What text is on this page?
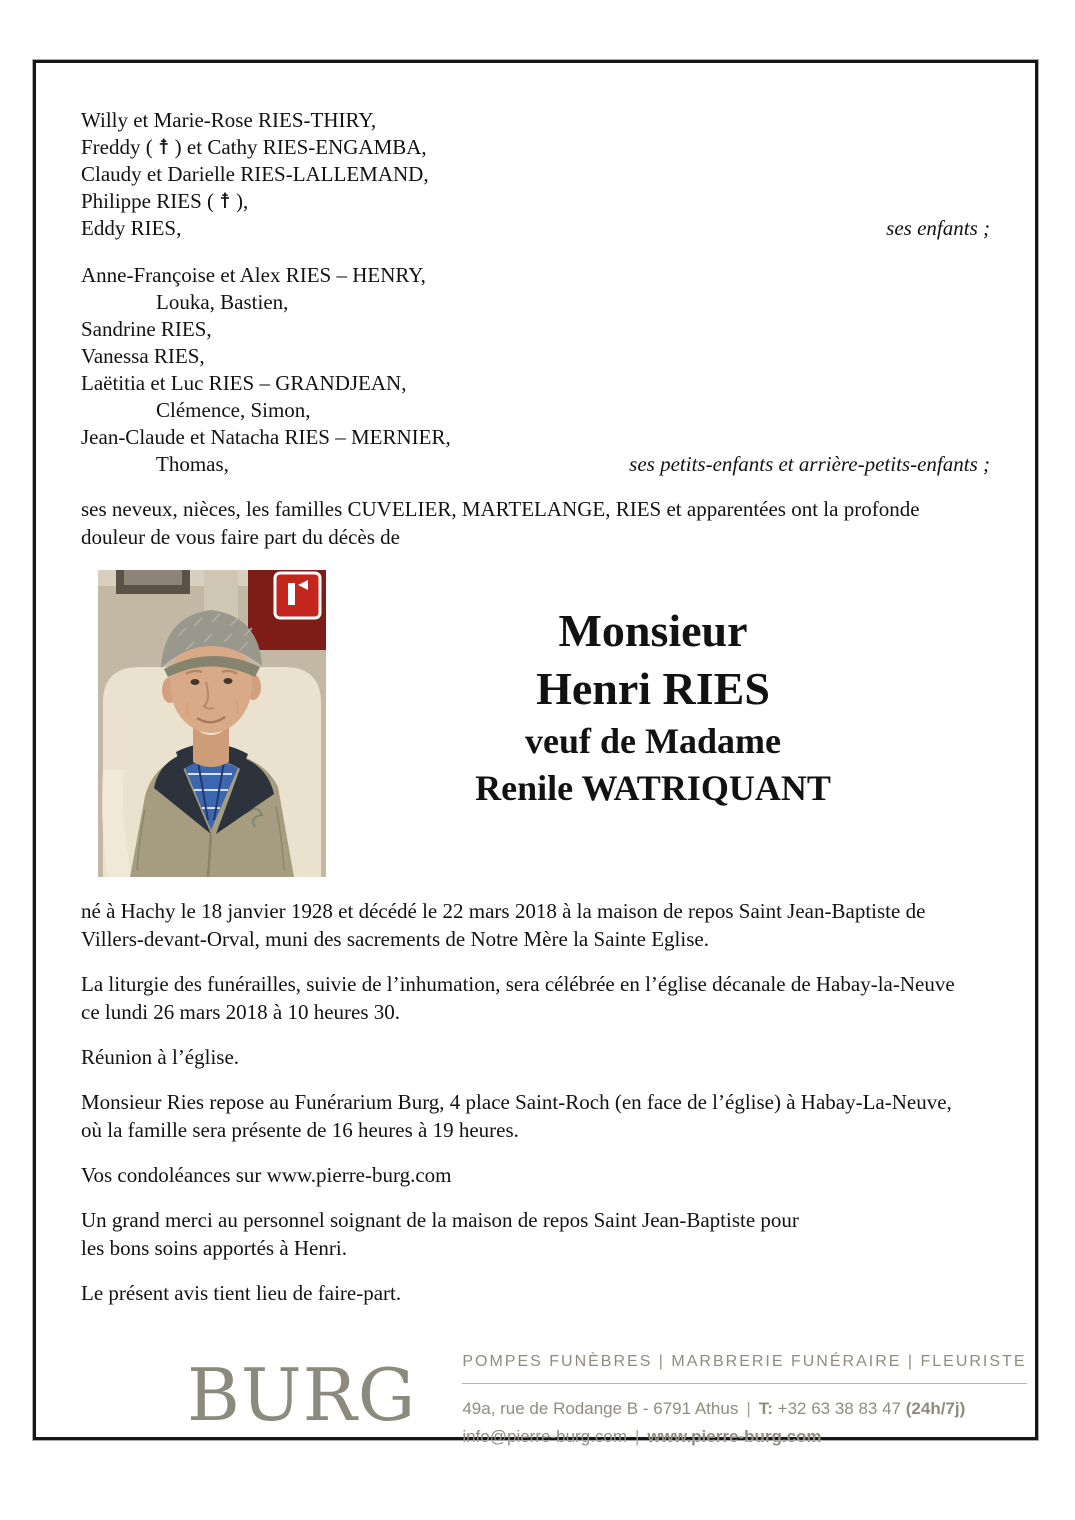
Willy et Marie-Rose RIES-THIRY,
Freddy ( ☨ ) et Cathy RIES-ENGAMBA,
Claudy et Darielle RIES-LALLEMAND,
Philippe RIES ( ☨ ),
Eddy RIES,	ses enfants ;
Anne-Françoise et Alex RIES – HENRY,
Louka, Bastien,
Sandrine RIES,
Vanessa RIES,
Laëtitia et Luc RIES – GRANDJEAN,
Clémence, Simon,
Jean-Claude et Natacha RIES – MERNIER,
Thomas,	ses petits-enfants et arrière-petits-enfants ;
ses neveux, nièces, les familles CUVELIER, MARTELANGE, RIES et apparentées ont la profonde
douleur de vous faire part du décès de
Monsieur
Henri RIES
veuf de Madame
Renile WATRIQUANT
né à Hachy le 18 janvier 1928 et décédé le 22 mars 2018 à la maison de repos Saint Jean-Baptiste de
Villers-devant-Orval, muni des sacrements de Notre Mère la Sainte Eglise.
La liturgie des funérailles, suivie de l’inhumation, sera célébrée en l’église décanale de Habay-la-Neuve
ce lundi 26 mars 2018 à 10 heures 30.
Réunion à l’église.
Monsieur Ries repose au Funérarium Burg, 4 place Saint-Roch (en face de l’église) à Habay-La-Neuve,
où la famille sera présente de 16 heures à 19 heures.
Vos condoléances sur www.pierre-burg.com
Un grand merci au personnel soignant de la maison de repos Saint Jean-Baptiste pour
les bons soins apportés à Henri.
Le présent avis tient lieu de faire-part.
BURG	POMPES FUNÈBRES | MARBRERIE FUNÉRAIRE | FLEURISTE
49a, rue de Rodange B - 6791 Athus | T: +32 63 38 83 47 (24h/7j)
info@pierre-burg.com | www.pierre-burg.com
